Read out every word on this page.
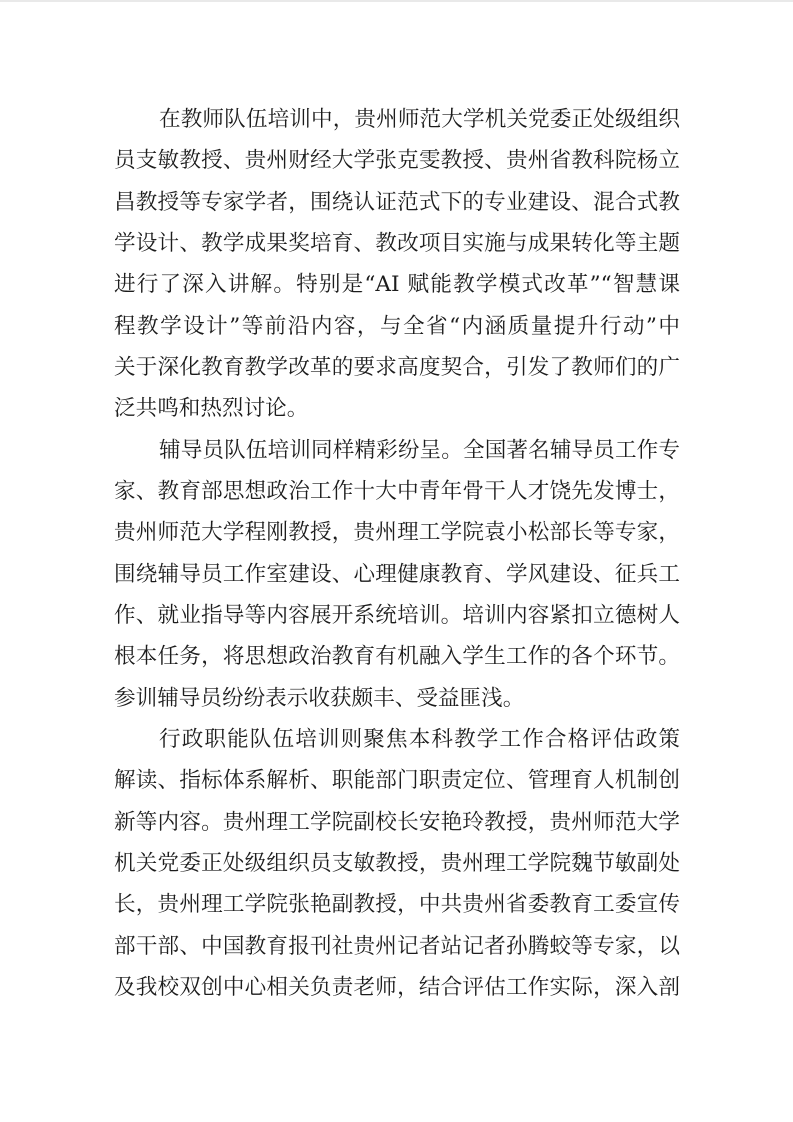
在教师队伍培训中，贵州师范大学机关党委正处级组织
员支敏教授、贵州财经大学张克雯教授、贵州省教科院杨立
昌教授等专家学者，围绕认证范式下的专业建设、混合式教
学设计、教学成果奖培育、教改项目实施与成果转化等主题
进行了深入讲解。特别是“AI 赋能教学模式改革”“智慧课
程教学设计”等前沿内容，与全省“内涵质量提升行动”中
关于深化教育教学改革的要求高度契合，引发了教师们的广
泛共鸣和热烈讨论。
辅导员队伍培训同样精彩纷呈。全国著名辅导员工作专
家、教育部思想政治工作十大中青年骨干人才饶先发博士，
贵州师范大学程刚教授，贵州理工学院袁小松部长等专家，
围绕辅导员工作室建设、心理健康教育、学风建设、征兵工
作、就业指导等内容展开系统培训。培训内容紧扣立德树人
根本任务，将思想政治教育有机融入学生工作的各个环节。
参训辅导员纷纷表示收获颇丰、受益匪浅。
行政职能队伍培训则聚焦本科教学工作合格评估政策
解读、指标体系解析、职能部门职责定位、管理育人机制创
新等内容。贵州理工学院副校长安艳玲教授，贵州师范大学
机关党委正处级组织员支敏教授，贵州理工学院魏节敏副处
长，贵州理工学院张艳副教授，中共贵州省委教育工委宣传
部干部、中国教育报刊社贵州记者站记者孙腾蛟等专家，以
及我校双创中心相关负责老师，结合评估工作实际，深入剖
